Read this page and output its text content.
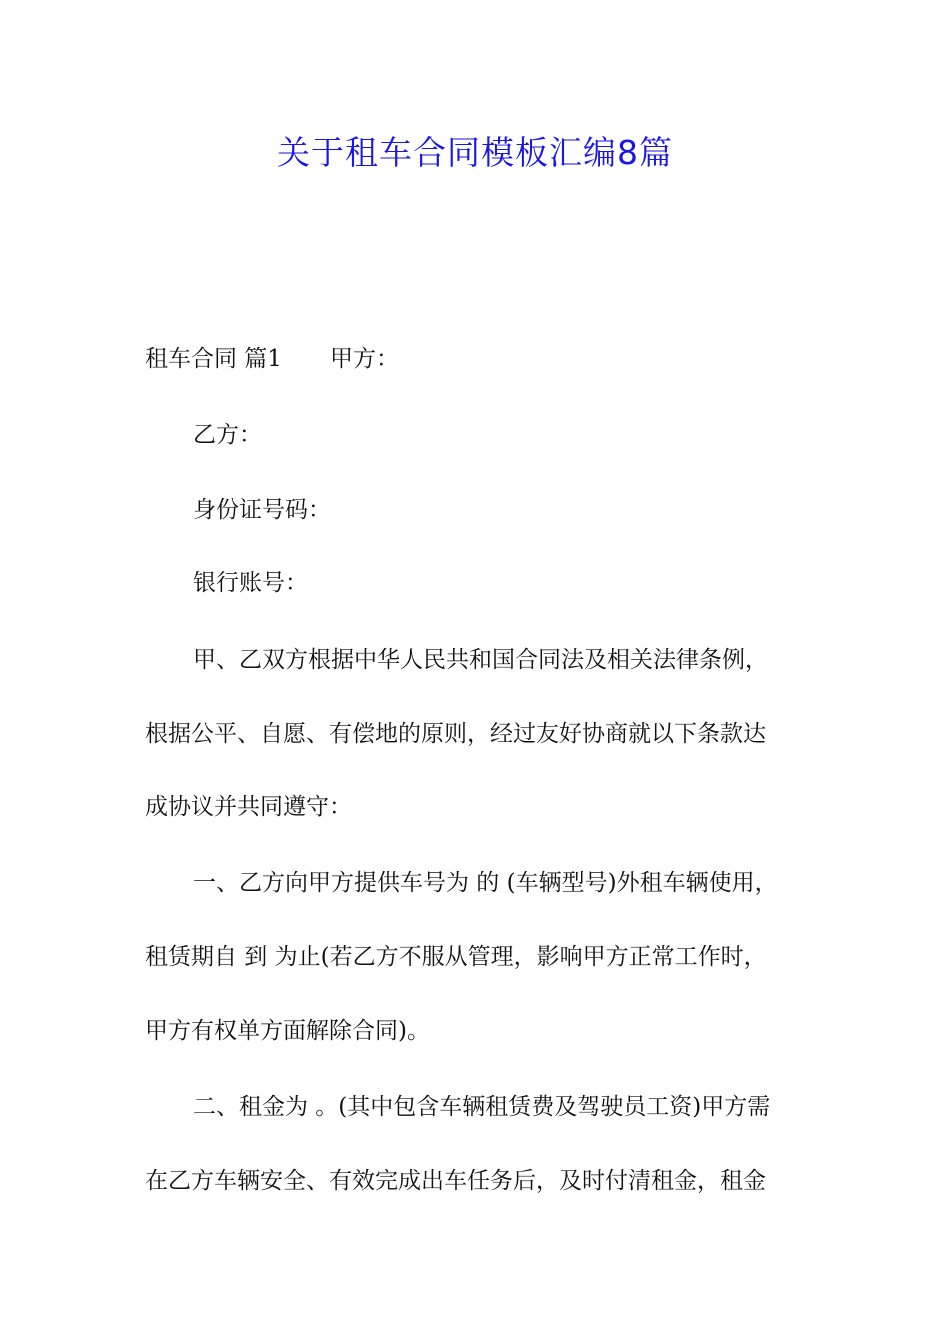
关于租车合同模板汇编8篇

租车合同 篇1 甲方：

乙方：

身份证号码：

银行账号：

甲、乙双方根据中华人民共和国合同法及相关法律条例，

根据公平、自愿、有偿地的原则，经过友好协商就以下条款达

成协议并共同遵守：

一、乙方向甲方提供车号为 的 (车辆型号)外租车辆使用，

租赁期自 到 为止(若乙方不服从管理，影响甲方正常工作时，

甲方有权单方面解除合同)。

二、租金为 。(其中包含车辆租赁费及驾驶员工资)甲方需

在乙方车辆安全、有效完成出车任务后，及时付清租金，租金
